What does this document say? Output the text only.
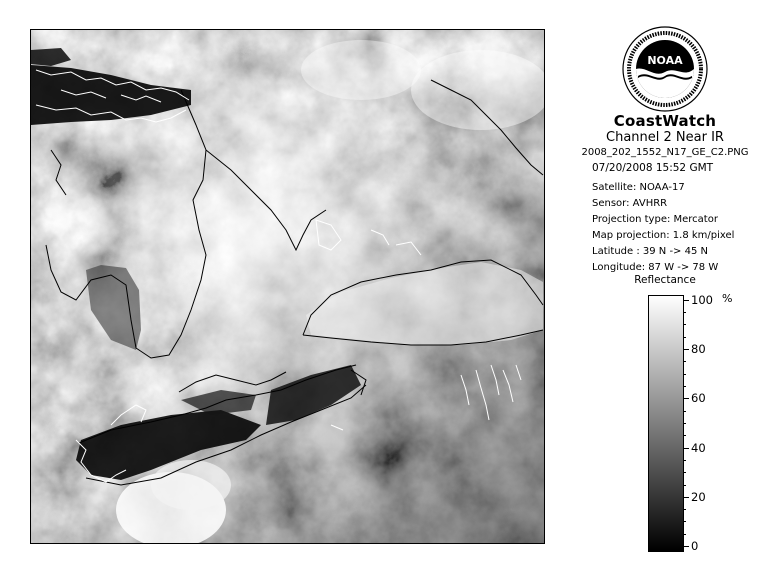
NOAA
CoastWatch
Channel 2 Near IR
2008_202_1552_N17_GE_C2.PNG
07/20/2008 15:52 GMT
Satellite: NOAA-17
Sensor: AVHRR
Projection type: Mercator
Map projection: 1.8 km/pixel
Latitude : 39 N -> 45 N
Longitude: 87 W -> 78 W
Reflectance
%
100
80
60
40
20
0
